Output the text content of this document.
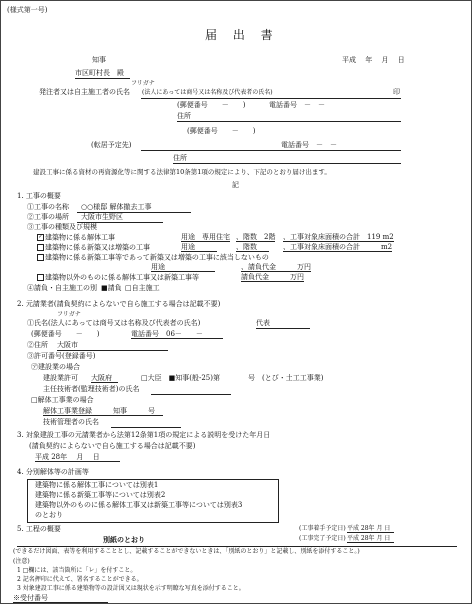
(様式第一号)
届 出 書
知事	平成　 年　 月　 日
市区町村長　殿
フリガナ
発注者又は自主施工者の氏名 (法人にあっては商号又は名称及び代表者の氏名)	印
(郵便番号　　－　　)	電話番号　－　－
住所
(郵便番号　　－　　)
(転居予定先)	電話番号　－　－
住所
建設工事に係る資材の再資源化等に関する法律第10条第1項の規定により、下記のとおり届け出ます。
記
1. 工事の概要
①工事の名称	○○様邸 解体撤去工事
②工事の場所	大阪市生野区
③工事の種類及び規模
✓ 建築物に係る解体工事	用途　専用住宅 、階数　2階 、工事対象床面積の合計　119 m2
建築物に係る新築又は増築の工事	用途	、階数	、工事対象床面積の合計　　　m2
建築物に係る新築工事等であって新築又は増築の工事に該当しないもの
用途	、請負代金　　　万円
建築物以外のものに係る解体工事又は新築工事等	請負代金　　　万円
④請負・自主施工の別 ■請負 □自主施工
2. 元請業者(請負契約によらないで自ら施工する場合は記載不要)
フリガナ
①氏名(法人にあっては商号又は名称及び代表者の氏名)	代表
(郵便番号　　－　　)	電話番号　06－　　－
②住所 大阪市
③許可番号(登録番号)
㋐建設業の場合
建設業許可 大阪府	□大臣　■知事(般-25)第　　　　号　(とび・土工工事業)
主任技術者(監理技術者)の氏名
□解体工事業の場合
解体工事業登録　　　知事　　　号
技術管理者の氏名
3. 対象建設工事の元請業者から法第12条第1項の規定による説明を受けた年月日
(請負契約によらないで自ら施工する場合は記載不要)
平成 28年　 月　 日
4. 分別解体等の計画等
建築物に係る解体工事については別表1
建築物に係る新築工事等については別表2
建築物以外のものに係る解体工事又は新築工事等については別表3
のとおり
5. 工程の概要	(工事着手予定日) 平成 28年 月 日
別紙のとおり	(工事完了予定日) 平成 28年 月 日
(できるだけ図面、表等を利用することとし、記載することができないときは、「別紙のとおり」と記載し、別紙を添付すること。)
(注意)
1 □欄には、該当箇所に「レ」を付すこと。
2 記名押印に代えて、署名することができる。
3 対象建設工事に係る建築物等の設計図又は現状を示す明瞭な写真を添付すること。
※受付番号
